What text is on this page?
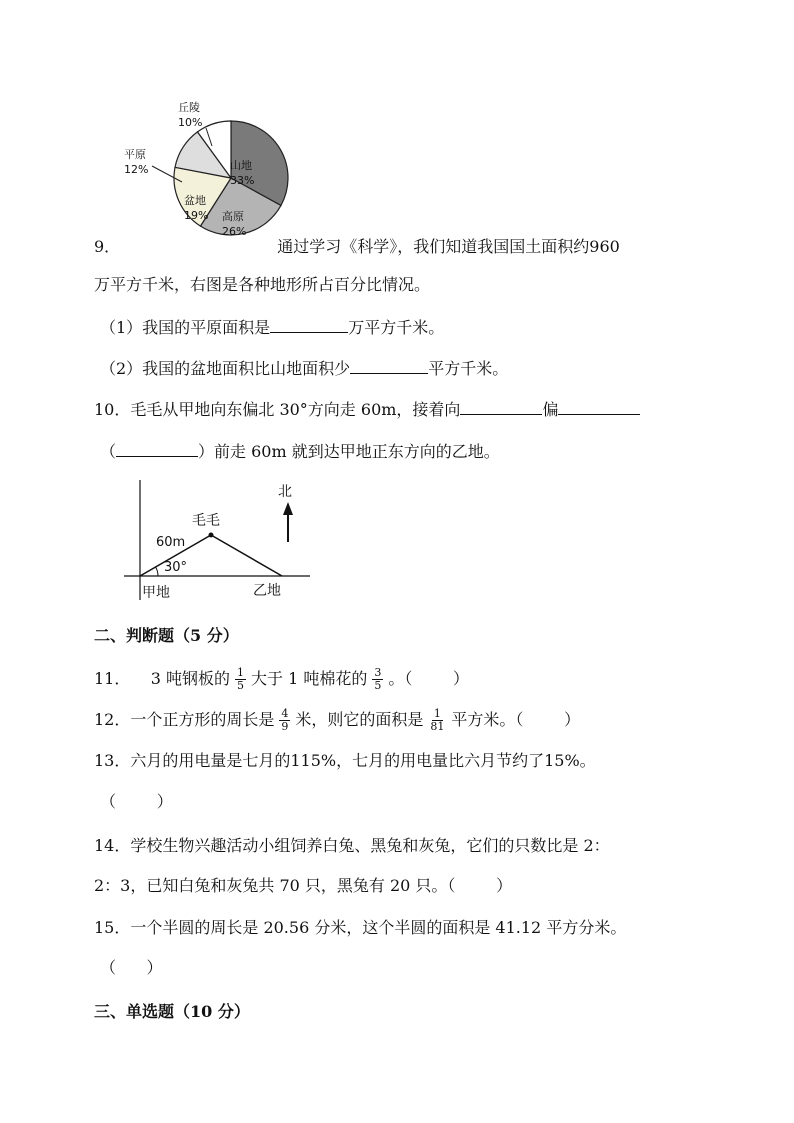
丘陵
10%
平原
12%	山地
33%
高原
26%
盆地
19%
9．	通过学习《科学》，我们知道我国国土面积约960
万平方千米，右图是各种地形所占百分比情况。
（1）我国的平原面积是	万平方千米。
（2）我国的盆地面积比山地面积少	平方千米。
10．毛毛从甲地向东偏北 30°方向走 60m，接着向	偏
（	）前走 60m 就到达甲地正东方向的乙地。
北
毛毛
60m
30°
甲地	乙地
二、判断题（5 分）
11．    3 吨钢板的 $\frac{1}{5}$ 大于 1 吨棉花的 $\frac{3}{5}$ 。（        ）
12．一个正方形的周长是 $\frac{4}{9}$ 米，则它的面积是 $\frac{1}{81}$ 平方米。（        ）
13．六月的用电量是七月的115%，七月的用电量比六月节约了15%。
（        ）
14．学校生物兴趣活动小组饲养白兔、黑兔和灰兔，它们的只数比是 2：
2：3，已知白兔和灰兔共 70 只，黑兔有 20 只。（        ）
15．一个半圆的周长是 20.56 分米，这个半圆的面积是 41.12 平方分米。
（      ）
三、单选题（10 分）
